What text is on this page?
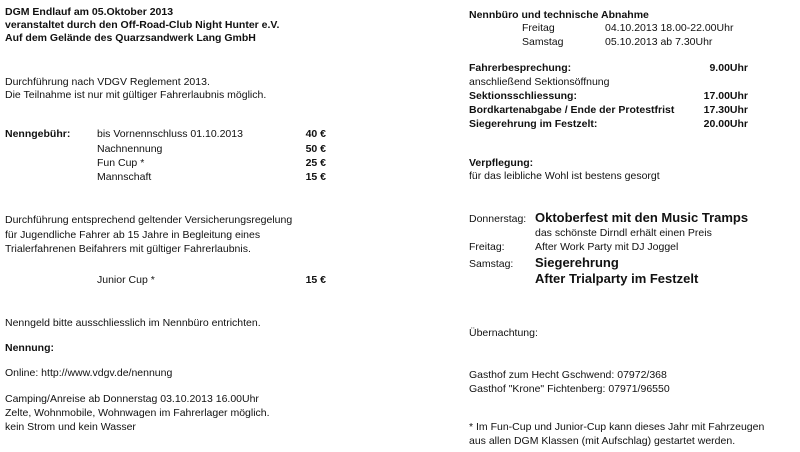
DGM Endlauf am 05.Oktober 2013
veranstaltet durch den Off-Road-Club Night Hunter e.V.
Auf dem Gelände des Quarzsandwerk Lang GmbH
Durchführung nach VDGV Reglement 2013.
Die Teilnahme ist nur mit gültiger Fahrerlaubnis möglich.
Nenngebühr:	bis Vornennschluss 01.10.2013	40 €
Nachnennung	50 €
Fun Cup *	25 €
Mannschaft	15 €
Durchführung entsprechend geltender Versicherungsregelung
für Jugendliche Fahrer ab 15 Jahre in Begleitung eines
Trialerfahrenen Beifahrers mit gültiger Fahrerlaubnis.
Junior Cup *	15 €
Nenngeld bitte ausschliesslich im Nennbüro entrichten.
Nennung:
Online: http://www.vdgv.de/nennung
Camping/Anreise ab Donnerstag 03.10.2013 16.00Uhr
Zelte, Wohnmobile, Wohnwagen im Fahrerlager möglich.
kein Strom und kein Wasser
Nennbüro und technische Abnahme
Freitag	04.10.2013 18.00-22.00Uhr
Samstag	05.10.2013 ab 7.30Uhr
Fahrerbesprechung:	9.00Uhr
anschließend Sektionsöffnung
Sektionsschliessung:	17.00Uhr
Bordkartenabgabe / Ende der Protestfrist	17.30Uhr
Siegerehrung im Festzelt:	20.00Uhr
Verpflegung:
für das leibliche Wohl ist bestens gesorgt
Donnerstag: Oktoberfest mit den Music Tramps
das schönste Dirndl erhält einen Preis
Freitag:	After Work Party mit DJ Joggel
Samstag: Siegerehrung
After Trialparty im Festzelt
Übernachtung:
Gasthof zum Hecht Gschwend: 07972/368
Gasthof "Krone" Fichtenberg: 07971/96550
* Im Fun-Cup und Junior-Cup kann dieses Jahr mit Fahrzeugen
aus allen DGM Klassen (mit Aufschlag) gestartet werden.
